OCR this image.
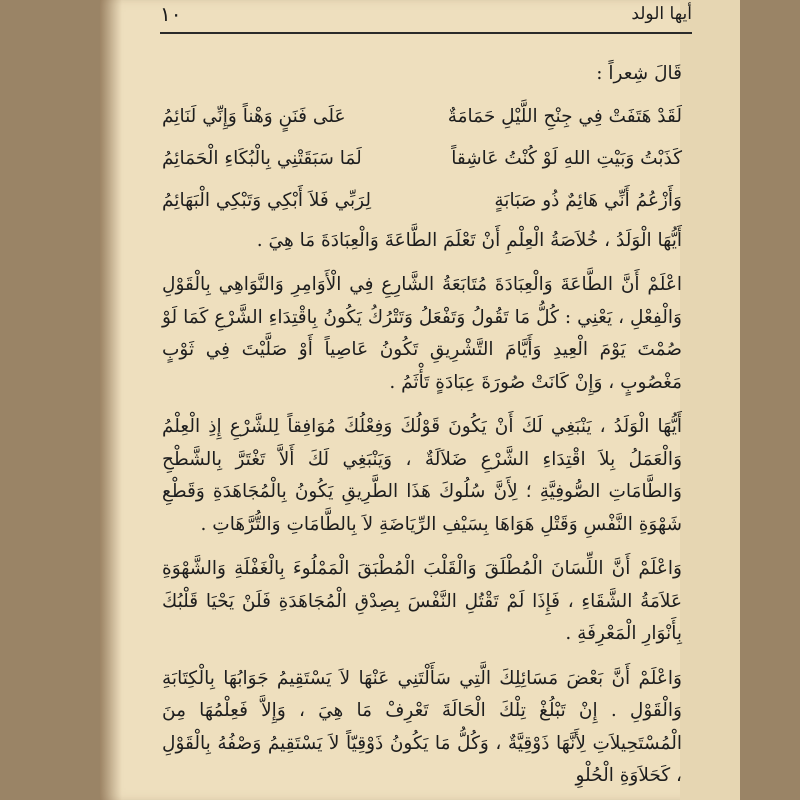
١٠	أيها الولد

قَالَ شِعراً :

لَقَدْ هَتَفَتْ فِي جِنْحِ اللَّيْلِ حَمَامَةٌ
عَلَى فَنَنٍ وَهْناً وَإِنِّي لَنَائِمُ
كَذَبْتُ وَبَيْتِ اللهِ لَوْ كُنْتُ عَاشِقاً
لَمَا سَبَقَتْنِي بِالْبُكَاءِ الْحَمَائِمُ
وَأَزْعُمُ أَنِّي هَائِمٌ ذُو صَبَابَةٍ
لِرَبِّي فَلاَ أَبْكِي وَتَبْكِي الْبَهَائِمُ

أَيُّهَا الْوَلَدُ ، خُلاَصَةُ الْعِلْمِ أَنْ تَعْلَمَ الطَّاعَةَ وَالْعِبَادَةَ مَا هِيَ .

اعْلَمْ أَنَّ الطَّاعَةَ وَالْعِبَادَةَ مُتَابَعَةُ الشَّارِعِ فِي الْأَوَامِرِ وَالنَّوَاهِي بِالْقَوْلِ وَالْفِعْلِ ، يَعْنِي : كُلُّ مَا تَقُولُ وَتَفْعَلُ وَتَتْرُكُ يَكُونُ بِاقْتِدَاءِ الشَّرْعِ كَمَا لَوْ صُمْتَ يَوْمَ الْعِيدِ وَأَيَّامَ التَّشْرِيقِ تَكُونُ عَاصِياً أَوْ صَلَّيْتَ فِي ثَوْبٍ مَغْصُوبٍ ، وَإِنْ كَانَتْ صُورَةَ عِبَادَةٍ تَأْثَمُ .

أَيُّهَا الْوَلَدُ ، يَنْبَغِي لَكَ أَنْ يَكُونَ قَوْلُكَ وَفِعْلُكَ مُوَافِقاً لِلشَّرْعِ إِذِ الْعِلْمُ وَالْعَمَلُ بِلاَ اقْتِدَاءِ الشَّرْعِ ضَلاَلَةٌ ، وَيَنْبَغِي لَكَ أَلاَّ تَغْتَرَّ بِالشَّطْحِ وَالطَّامَاتِ الصُّوفِيَّةِ ؛ لِأَنَّ سُلُوكَ هَذَا الطَّرِيقِ يَكُونُ بِالْمُجَاهَدَةِ وَقَطْعِ شَهْوَةِ النَّفْسِ وَقَتْلِ هَوَاهَا بِسَيْفِ الرِّيَاضَةِ لاَ بِالطَّامَاتِ وَالتُّرَّهَاتِ .

وَاعْلَمْ أَنَّ اللِّسَانَ الْمُطْلَقَ وَالْقَلْبَ الْمُطْبَقَ الْمَمْلُوءَ بِالْغَفْلَةِ وَالشَّهْوَةِ عَلاَمَةُ الشَّقَاءِ ، فَإِذَا لَمْ تَقْتُلِ النَّفْسَ بِصِدْقِ الْمُجَاهَدَةِ فَلَنْ يَحْيَا قَلْبُكَ بِأَنْوَارِ الْمَعْرِفَةِ .

وَاعْلَمْ أَنَّ بَعْضَ مَسَائِلِكَ الَّتِي سَأَلْتَنِي عَنْهَا لاَ يَسْتَقِيمُ جَوَابُهَا بِالْكِتَابَةِ وَالْقَوْلِ . إِنْ تَبْلُغْ تِلْكَ الْحَالَةَ تَعْرِفْ مَا هِيَ ، وَإِلاَّ فَعِلْمُهَا مِنَ الْمُسْتَحِيلاَتِ لِأَنَّهَا ذَوْقِيَّةٌ ، وَكُلُّ مَا يَكُونُ ذَوْقِيّاً لاَ يَسْتَقِيمُ وَصْفُهُ بِالْقَوْلِ ، كَحَلاَوَةِ الْحُلْوِ
